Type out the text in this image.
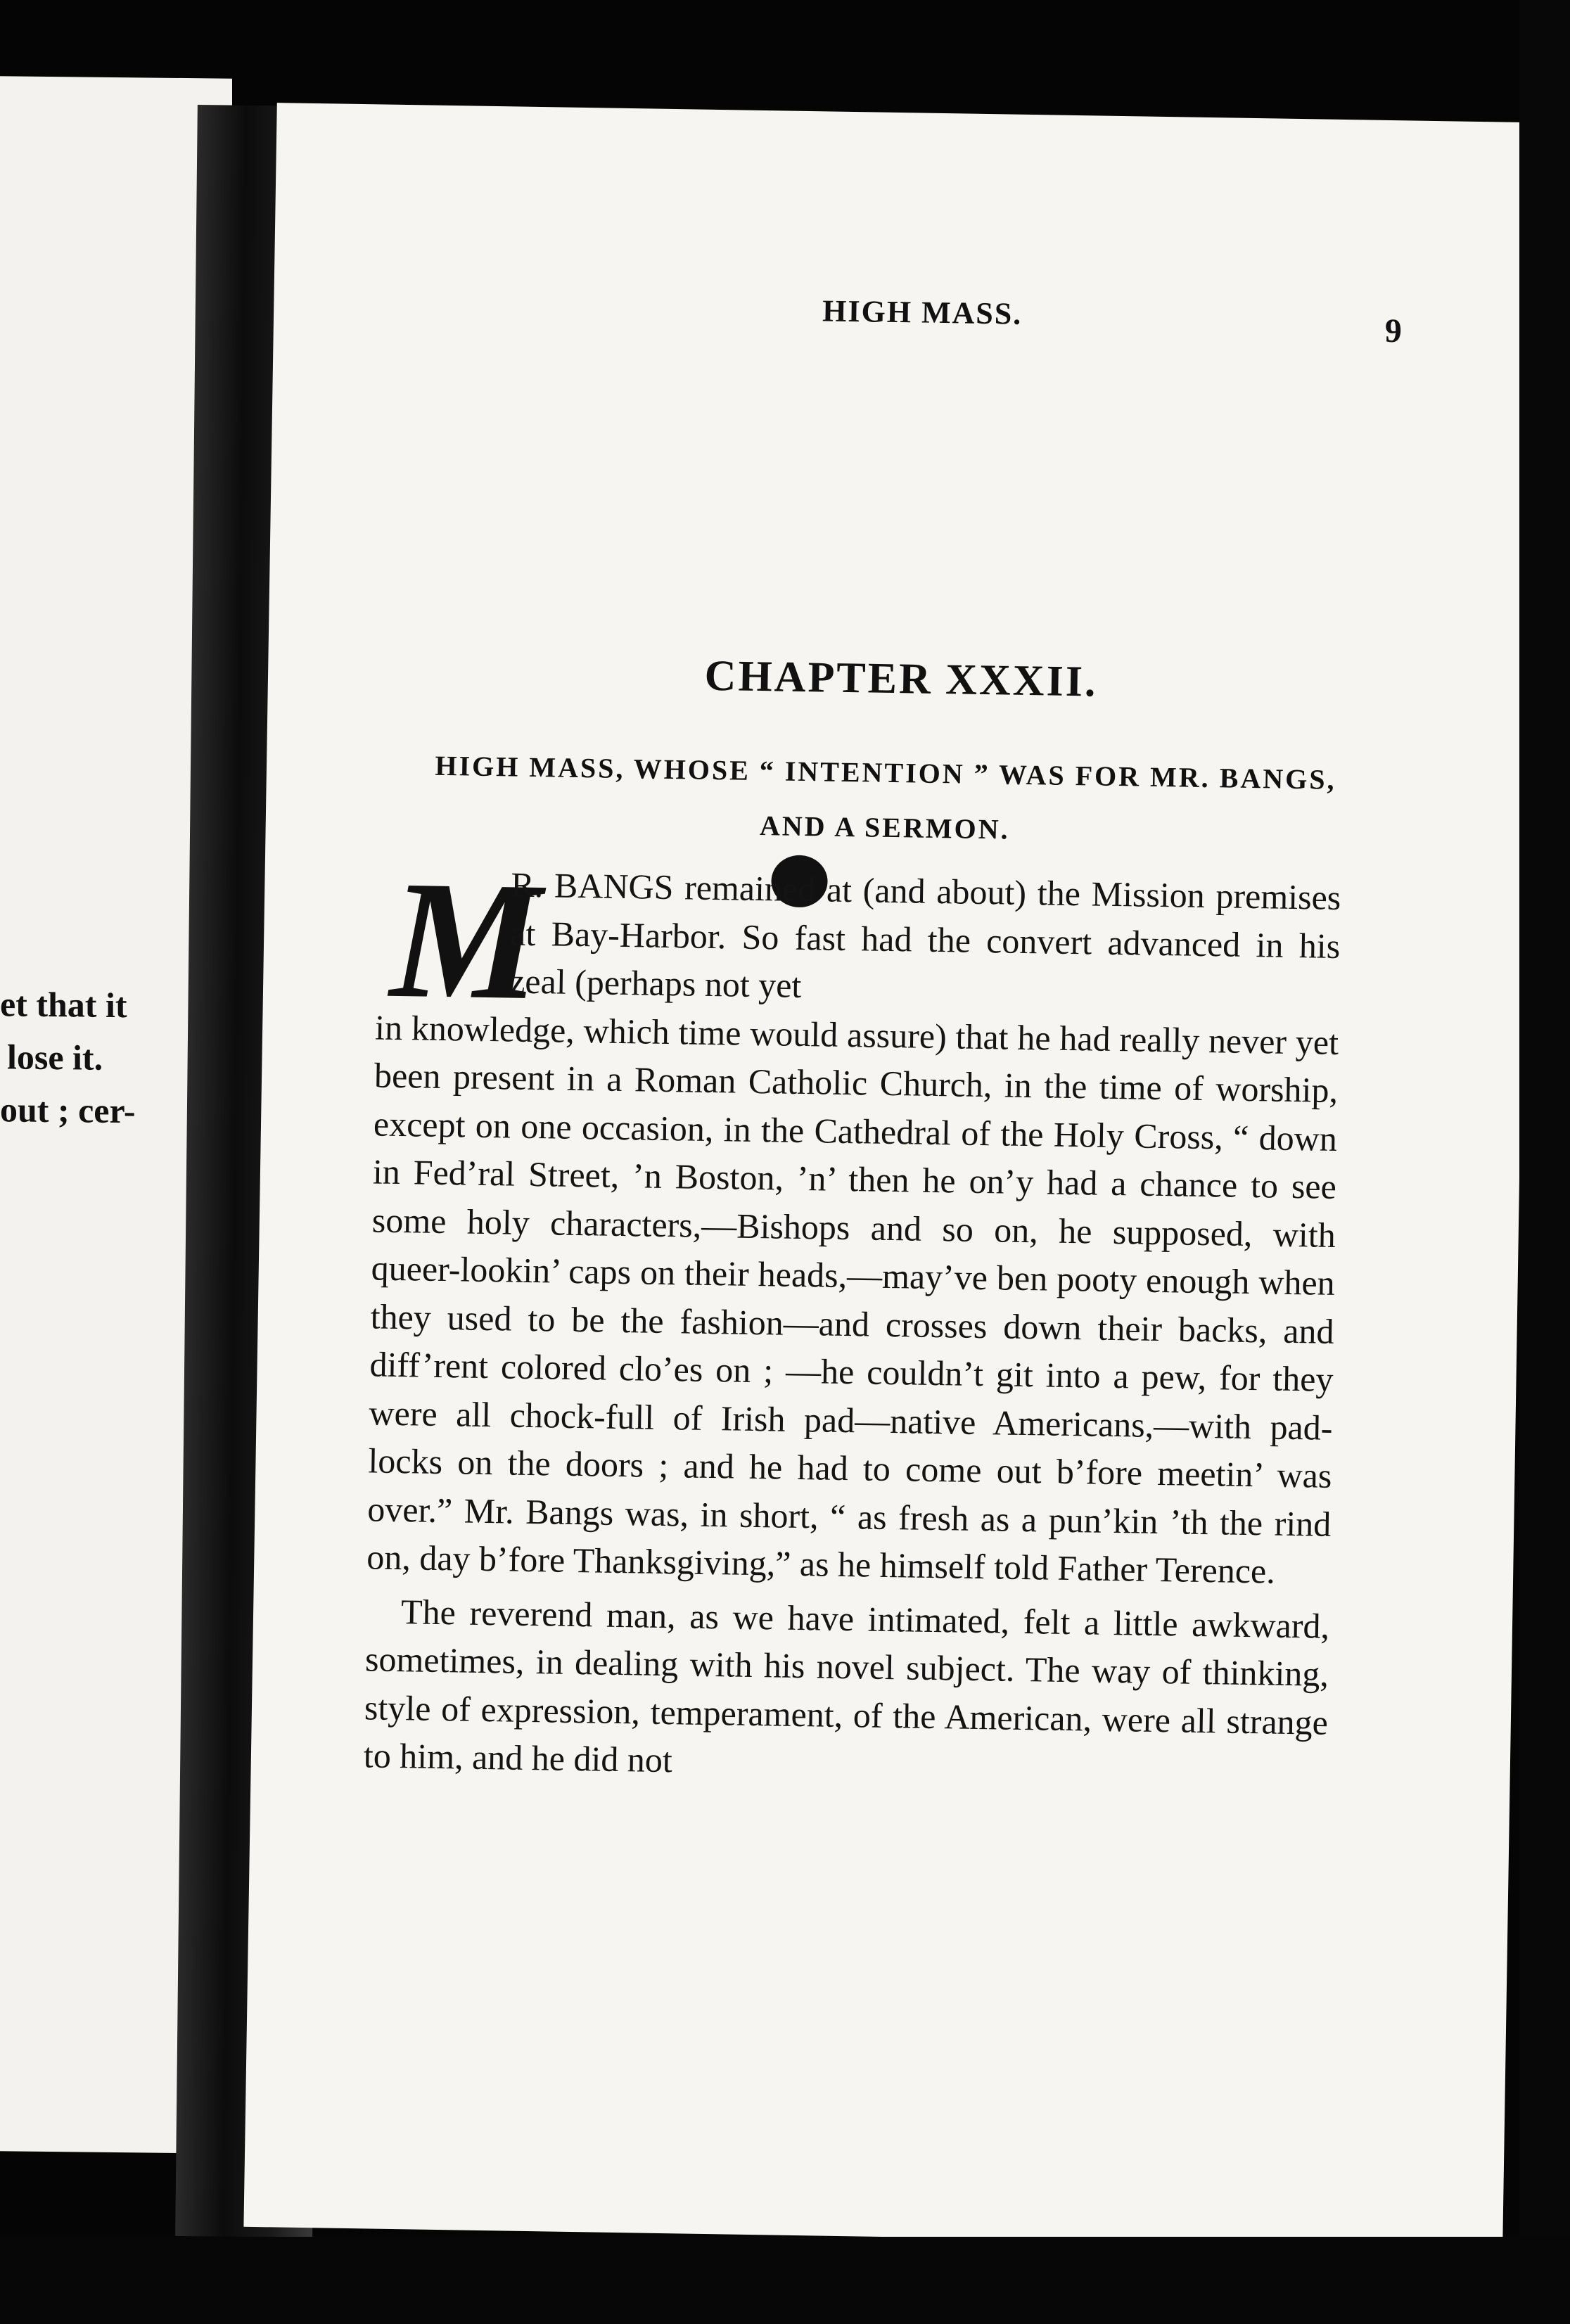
et that it
lose it.
out ; cer-
HIGH MASS.	9
CHAPTER XXXII.
HIGH MASS, WHOSE “ INTENTION ” WAS FOR MR. BANGS, AND A SERMON.
M

R. BANGS remained at (and about) the Mission premises at Bay-Harbor. So fast had the convert advanced in his zeal (perhaps not yet
in knowledge, which time would assure) that he had really never yet been present in a Roman Catholic Church, in the time of worship, except on one occasion, in the Cathedral of the Holy Cross, “ down in Fed’ral Street, ’n Boston, ’n’ then he on’y had a chance to see some holy characters,—Bishops and so on, he supposed, with queer-lookin’ caps on their heads,—may’ve ben pooty enough when they used to be the fashion—and crosses down their backs, and diff’rent colored clo’es on ; —he couldn’t git into a pew, for they were all chock-full of Irish pad—native Americans,—with pad-locks on the doors ; and he had to come out b’fore meetin’ was over.” Mr. Bangs was, in short, “ as fresh as a pun’kin ’th the rind on, day b’fore Thanksgiving,” as he himself told Father Terence.

The reverend man, as we have intimated, felt a little awkward, sometimes, in dealing with his novel subject. The way of thinking, style of expression, temperament, of the American, were all strange to him, and he did not
